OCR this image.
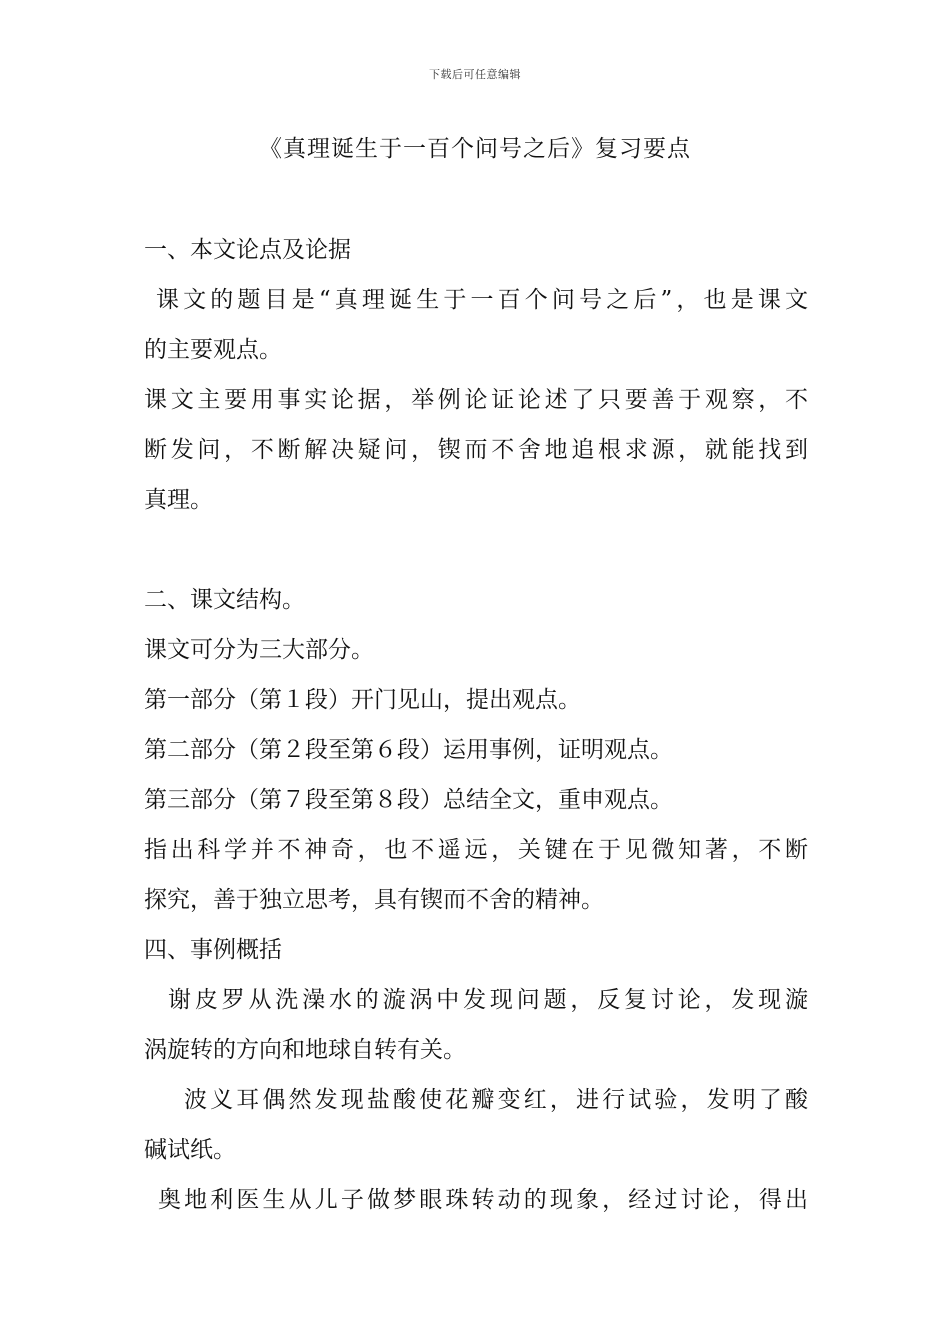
下载后可任意编辑
《真理诞生于一百个问号之后》复习要点
一、本文论点及论据
课文的题目是“真理诞生于一百个问号之后”，也是课文
的主要观点。
课文主要用事实论据，举例论证论述了只要善于观察，不
断发问，不断解决疑问，锲而不舍地追根求源，就能找到
真理。
二、课文结构。
课文可分为三大部分。
第一部分（第１段）开门见山，提出观点。
第二部分（第２段至第６段）运用事例，证明观点。
第三部分（第７段至第８段）总结全文，重申观点。
指出科学并不神奇，也不遥远，关键在于见微知著，不断
探究，善于独立思考，具有锲而不舍的精神。
四、事例概括
谢皮罗从洗澡水的漩涡中发现问题，反复讨论，发现漩
涡旋转的方向和地球自转有关。
波义耳偶然发现盐酸使花瓣变红，进行试验，发明了酸
碱试纸。
奥地利医生从儿子做梦眼珠转动的现象，经过讨论，得出
